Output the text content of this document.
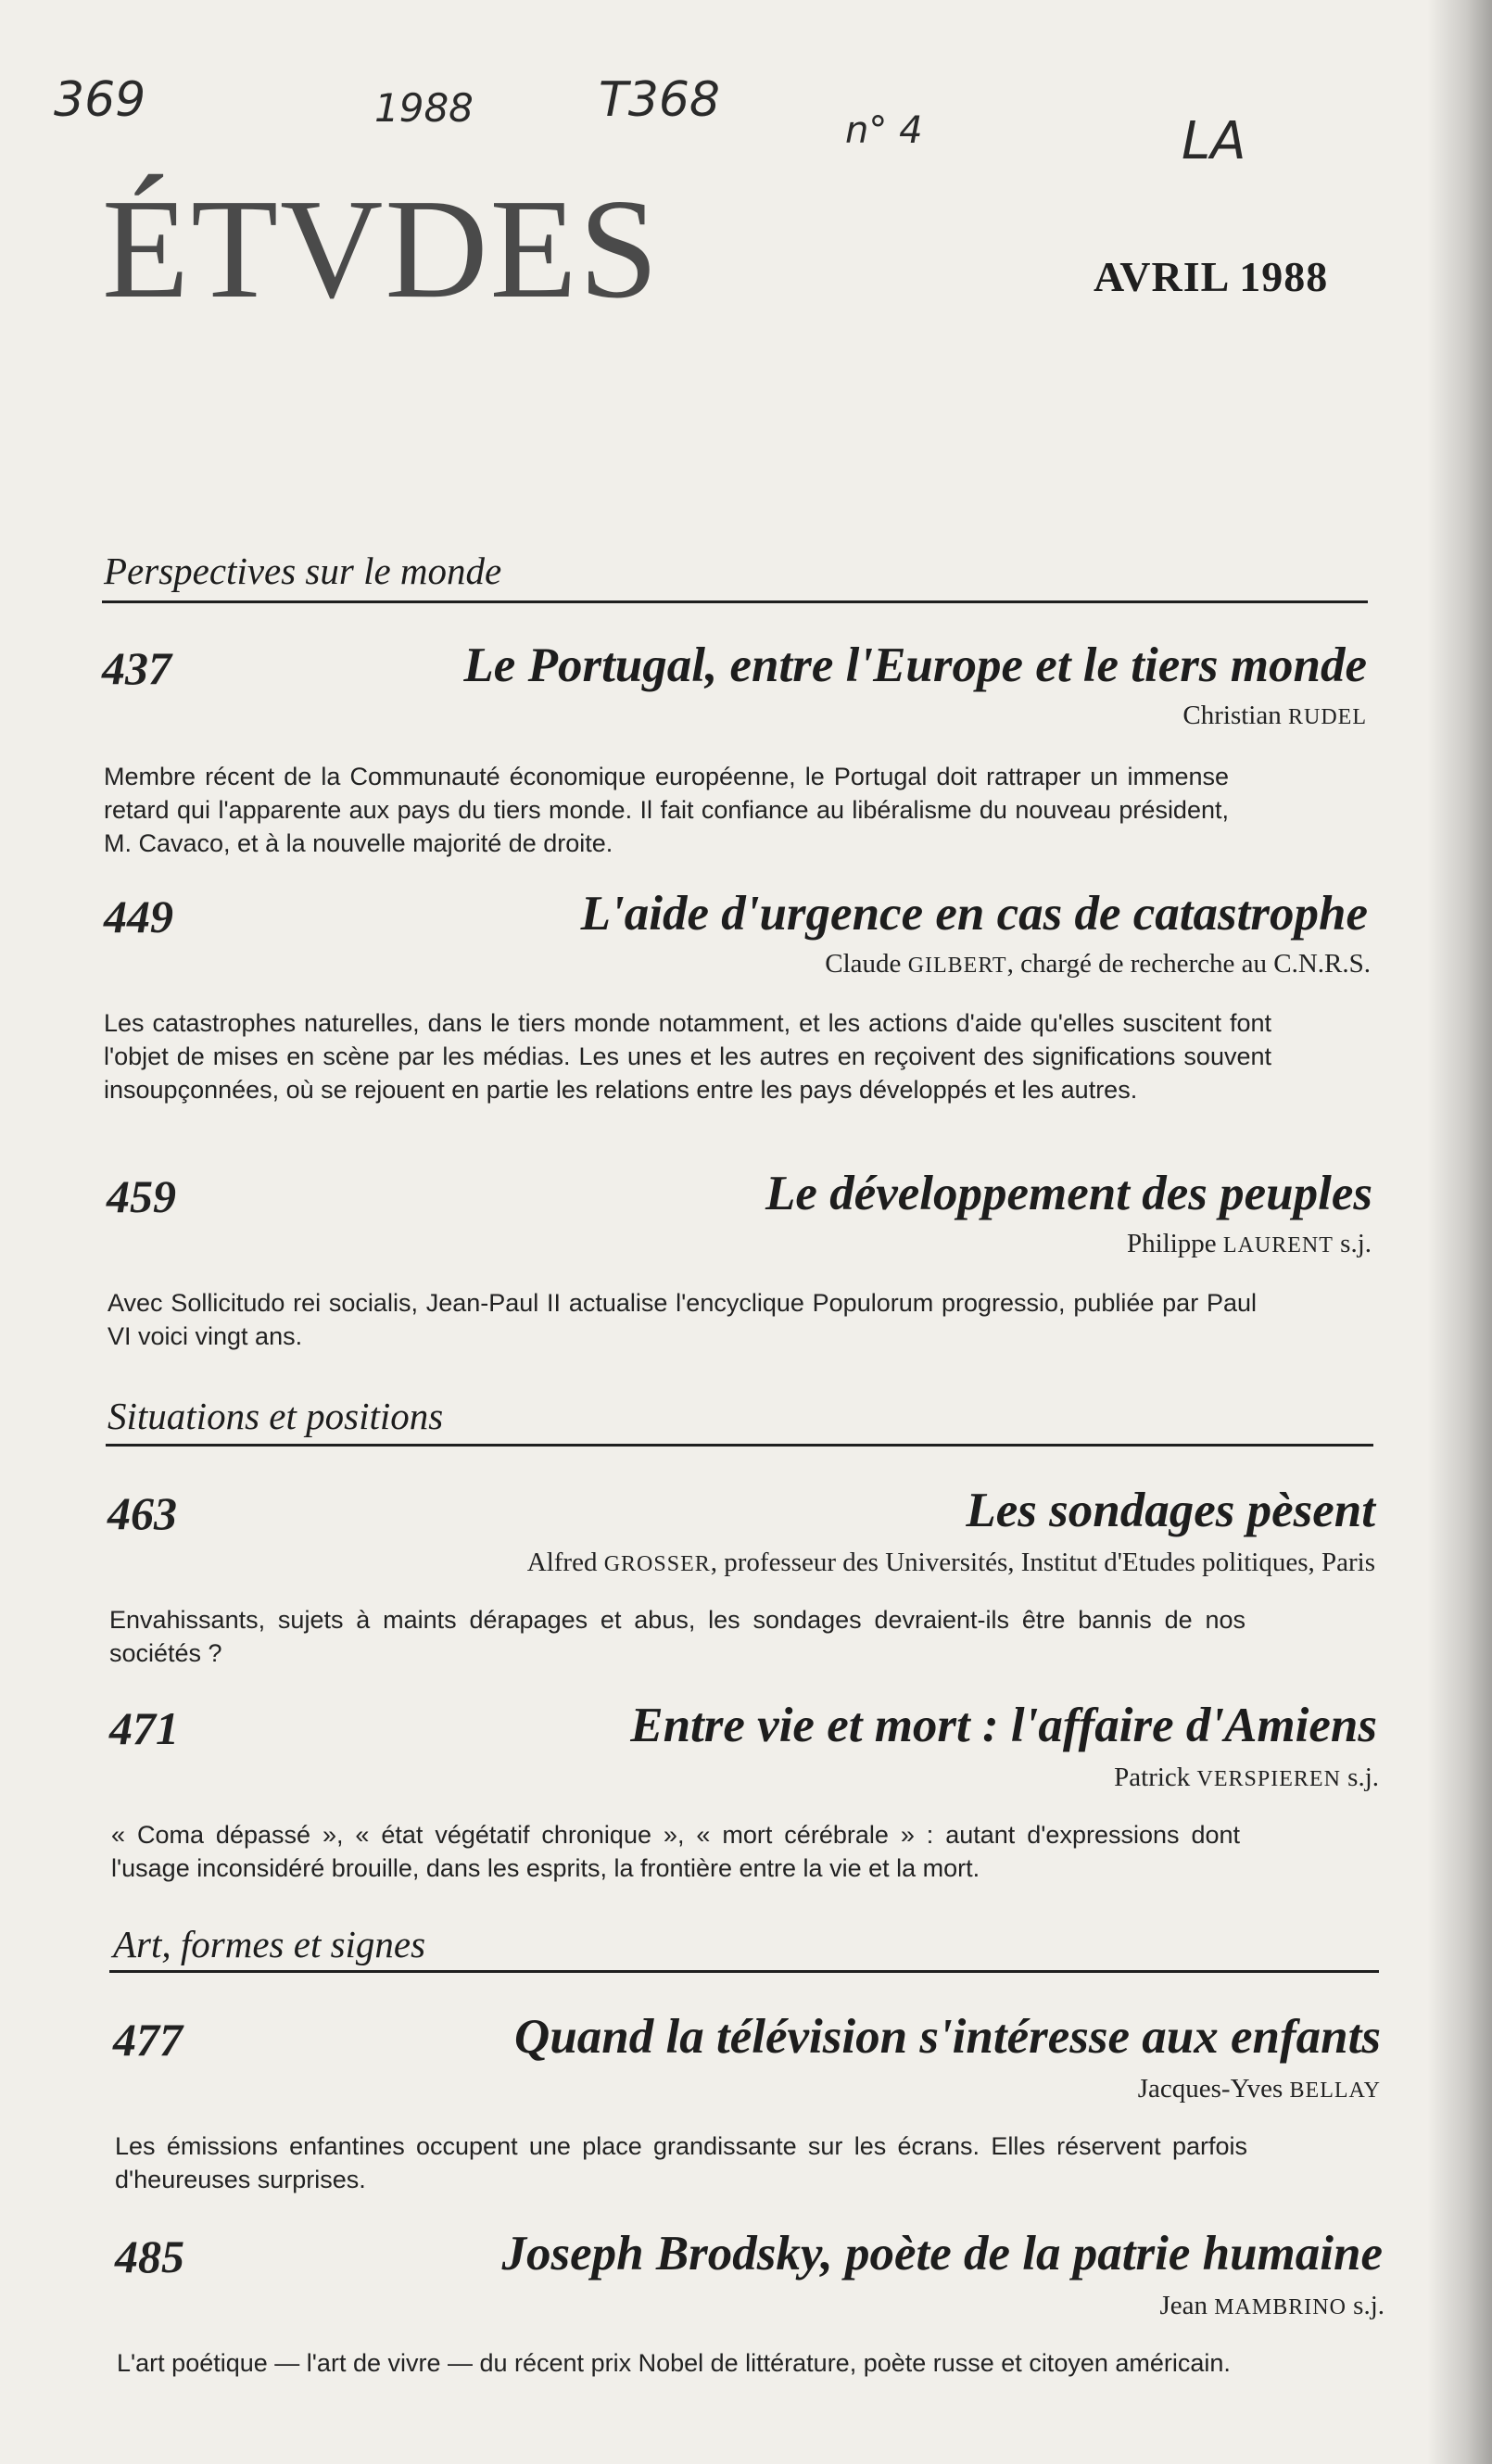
369	1988	T368
n° 4	LA
ÉTVDES	AVRIL 1988
Perspectives sur le monde
437	Le Portugal, entre l'Europe et le tiers monde
Christian RUDEL
Membre récent de la Communauté économique européenne, le Portugal doit rattraper un immense retard qui l'apparente aux pays du tiers monde. Il fait confiance au libéralisme du nouveau président, M. Cavaco, et à la nouvelle majorité de droite.
449	L'aide d'urgence en cas de catastrophe
Claude GILBERT, chargé de recherche au C.N.R.S.
Les catastrophes naturelles, dans le tiers monde notamment, et les actions d'aide qu'elles suscitent font l'objet de mises en scène par les médias. Les unes et les autres en reçoivent des significations souvent insoupçonnées, où se rejouent en partie les relations entre les pays développés et les autres.
459	Le développement des peuples
Philippe LAURENT s.j.
Avec Sollicitudo rei socialis, Jean-Paul II actualise l'encyclique Populorum progressio, publiée par Paul VI voici vingt ans.
Situations et positions
463	Les sondages pèsent
Alfred GROSSER, professeur des Universités, Institut d'Etudes politiques, Paris
Envahissants, sujets à maints dérapages et abus, les sondages devraient-ils être bannis de nos sociétés ?
471	Entre vie et mort : l'affaire d'Amiens
Patrick VERSPIEREN s.j.
« Coma dépassé », « état végétatif chronique », « mort cérébrale » : autant d'expressions dont l'usage inconsidéré brouille, dans les esprits, la frontière entre la vie et la mort.
Art, formes et signes
477	Quand la télévision s'intéresse aux enfants
Jacques-Yves BELLAY
Les émissions enfantines occupent une place grandissante sur les écrans. Elles réservent parfois d'heureuses surprises.
485	Joseph Brodsky, poète de la patrie humaine
Jean MAMBRINO s.j.
L'art poétique — l'art de vivre — du récent prix Nobel de littérature, poète russe et citoyen américain.
